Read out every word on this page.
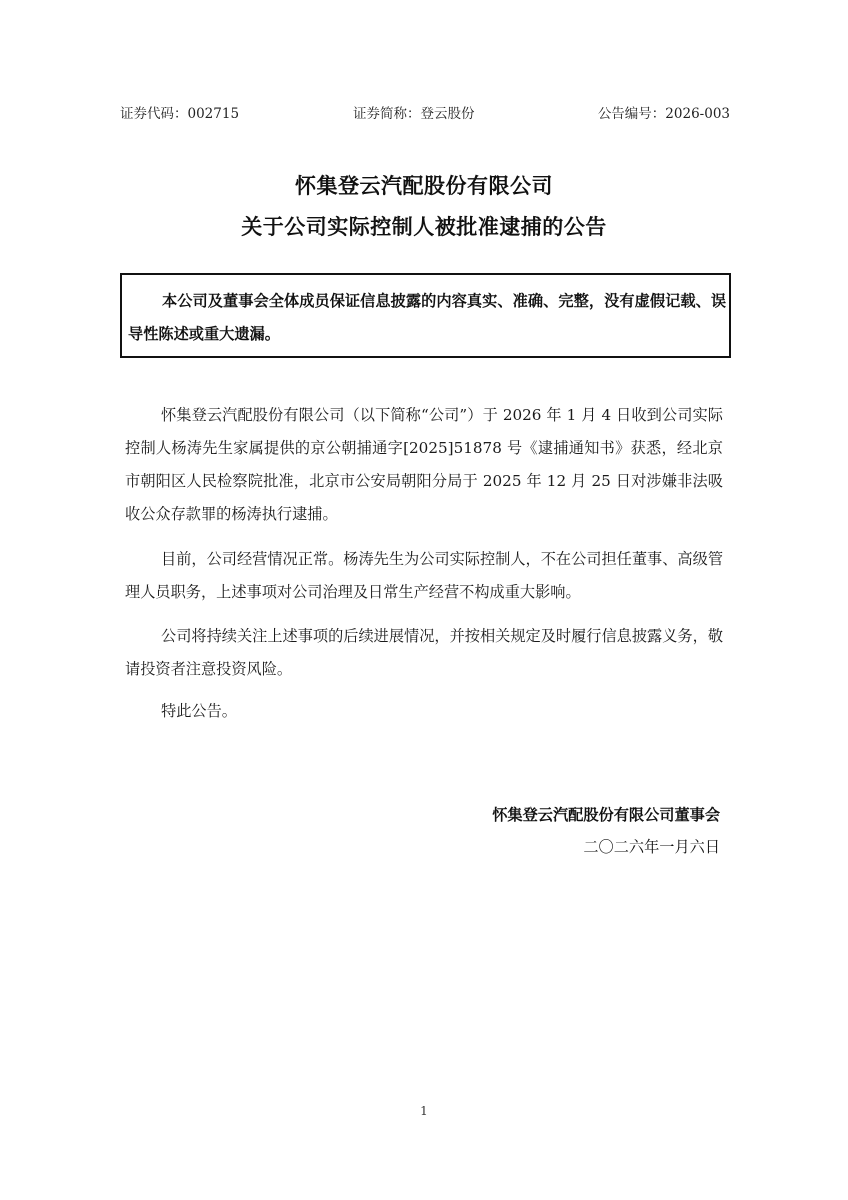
证券代码：002715	证券简称：登云股份	公告编号：2026-003
怀集登云汽配股份有限公司
关于公司实际控制人被批准逮捕的公告
本公司及董事会全体成员保证信息披露的内容真实、准确、完整，没有虚假记载、误导性陈述或重大遗漏。

怀集登云汽配股份有限公司（以下简称“公司”）于 2026 年 1 月 4 日收到公司实际控制人杨涛先生家属提供的京公朝捕通字[2025]51878 号《逮捕通知书》获悉，经北京市朝阳区人民检察院批准，北京市公安局朝阳分局于 2025 年 12 月 25 日对涉嫌非法吸收公众存款罪的杨涛执行逮捕。

目前，公司经营情况正常。杨涛先生为公司实际控制人，不在公司担任董事、高级管理人员职务，上述事项对公司治理及日常生产经营不构成重大影响。

公司将持续关注上述事项的后续进展情况，并按相关规定及时履行信息披露义务，敬请投资者注意投资风险。

特此公告。

怀集登云汽配股份有限公司董事会
二〇二六年一月六日
1
